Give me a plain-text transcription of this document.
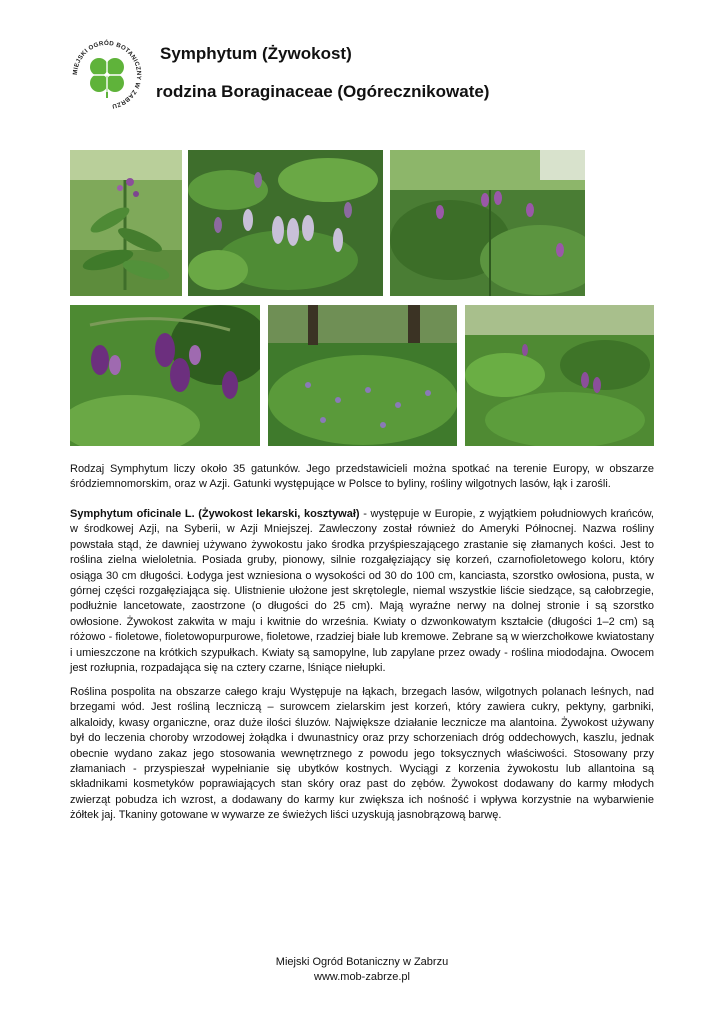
MIEJSKI OGRÓD BOTANICZNY W ZABRZU
Symphytum (Żywokost)
rodzina Boraginaceae (Ogórecznikowate)
Rodzaj Symphytum liczy około 35 gatunków. Jego przedstawicieli można spotkać na terenie Europy, w obszarze śródziemnomorskim, oraz w Azji. Gatunki występujące w Polsce to byliny, rośliny wilgotnych lasów, łąk i zarośli.
Symphytum oficinale L. (Żywokost lekarski, kosztywał) - występuje w Europie, z wyjątkiem południowych krańców, w środkowej Azji, na Syberii, w Azji Mniejszej. Zawleczony został również do Ameryki Północnej. Nazwa rośliny powstała stąd, że dawniej używano żywokostu jako środka przyśpieszającego zrastanie się złamanych kości. Jest to roślina zielna wieloletnia. Posiada gruby, pionowy, silnie rozgałęziający się korzeń, czarnofioletowego koloru, który osiąga 30 cm długości. Łodyga jest wzniesiona o wysokości od 30 do 100 cm, kanciasta, szorstko owłosiona, pusta, w górnej części rozgałęziająca się. Ulistnienie ułożone jest skrętolegle, niemal wszystkie liście siedzące, są całobrzegie, podłużnie lancetowate, zaostrzone (o długości do 25 cm). Mają wyraźne nerwy na dolnej stronie i są szorstko owłosione. Żywokost zakwita w maju i kwitnie do września. Kwiaty o dzwonkowatym kształcie (długości 1–2 cm) są różowo - fioletowe, fioletowopurpurowe, fioletowe, rzadziej białe lub kremowe. Zebrane są w wierzchołkowe kwiatostany i umieszczone na krótkich szypułkach. Kwiaty są samopylne, lub zapylane przez owady - roślina miododajna. Owocem jest rozłupnia, rozpadająca się na cztery czarne, lśniące niełupki.
Roślina pospolita na obszarze całego kraju Występuje na łąkach, brzegach lasów, wilgotnych polanach leśnych, nad brzegami wód. Jest rośliną leczniczą – surowcem zielarskim jest korzeń, który zawiera cukry, pektyny, garbniki, alkaloidy, kwasy organiczne, oraz duże ilości śluzów. Największe działanie lecznicze ma alantoina. Żywokost używany był do leczenia choroby wrzodowej żołądka i dwunastnicy oraz przy schorzeniach dróg oddechowych, kaszlu, jednak obecnie wydano zakaz jego stosowania wewnętrznego z powodu jego toksycznych właściwości. Stosowany przy złamaniach - przyspieszał wypełnianie się ubytków kostnych. Wyciągi z korzenia żywokostu lub allantoina są składnikami kosmetyków poprawiających stan skóry oraz past do zębów. Żywokost dodawany do karmy młodych zwierząt pobudza ich wzrost, a dodawany do karmy kur zwiększa ich nośność i wpływa korzystnie na wybarwienie żółtek jaj. Tkaniny gotowane w wywarze ze świeżych liści uzyskują jasnobrązową barwę.
Miejski Ogród Botaniczny w Zabrzu
www.mob-zabrze.pl
